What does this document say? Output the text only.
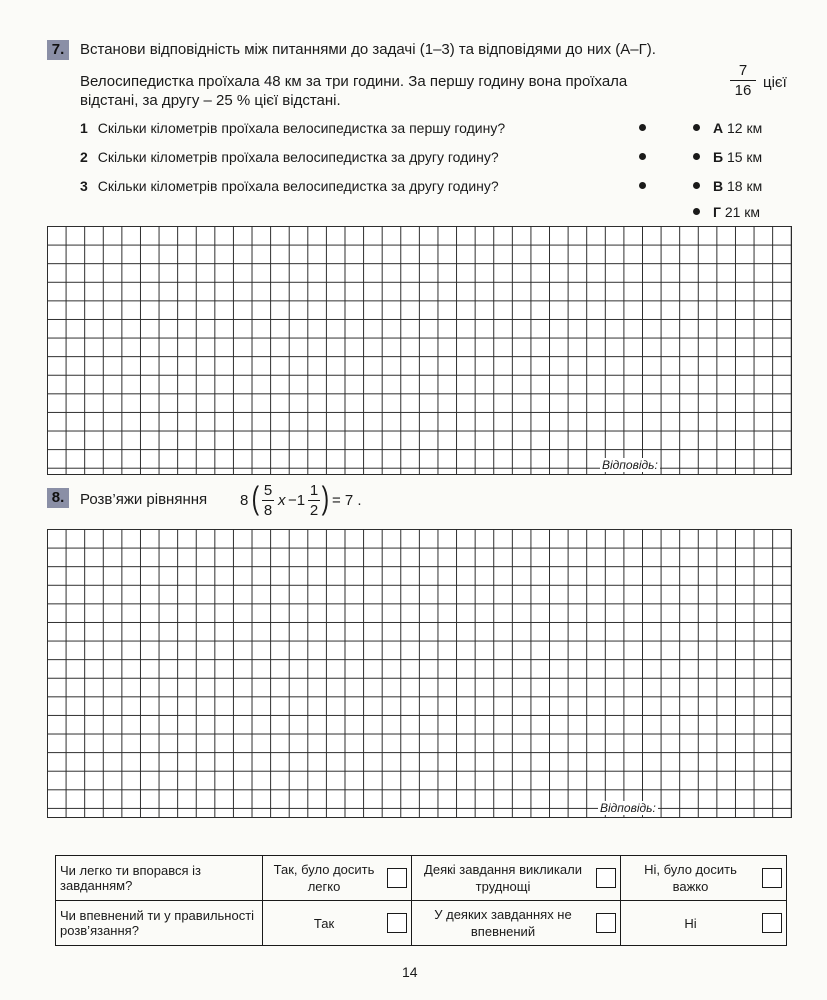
7.	Встанови відповідність між питаннями до задачі (1–3) та відповідями до них (А–Г).
Велосипедистка проїхала 48 км за три години. За першу годину вона проїхала
7
16 цієї
відстані, за другу – 25 % цієї відстані.
1 Скільки кілометрів проїхала велосипедистка за першу годину?
2 Скільки кілометрів проїхала велосипедистка за другу годину?
3 Скільки кілометрів проїхала велосипедистка за другу годину?
А 12 км
Б 15 км
В 18 км
Г 21 км
Відповідь:
8.	Розв’яжи рівняння 8 ( 5
8
x −1
1
2 ) = 7 .
Відповідь:
Чи легко ти впорався із завданням?	Так, було досить легко	Деякі завдання викликали труднощі	Ні, було досить важко

Чи впевнений ти у правильності розв’язання?	Так	У деяких завданнях не впевнений	Ні
14
